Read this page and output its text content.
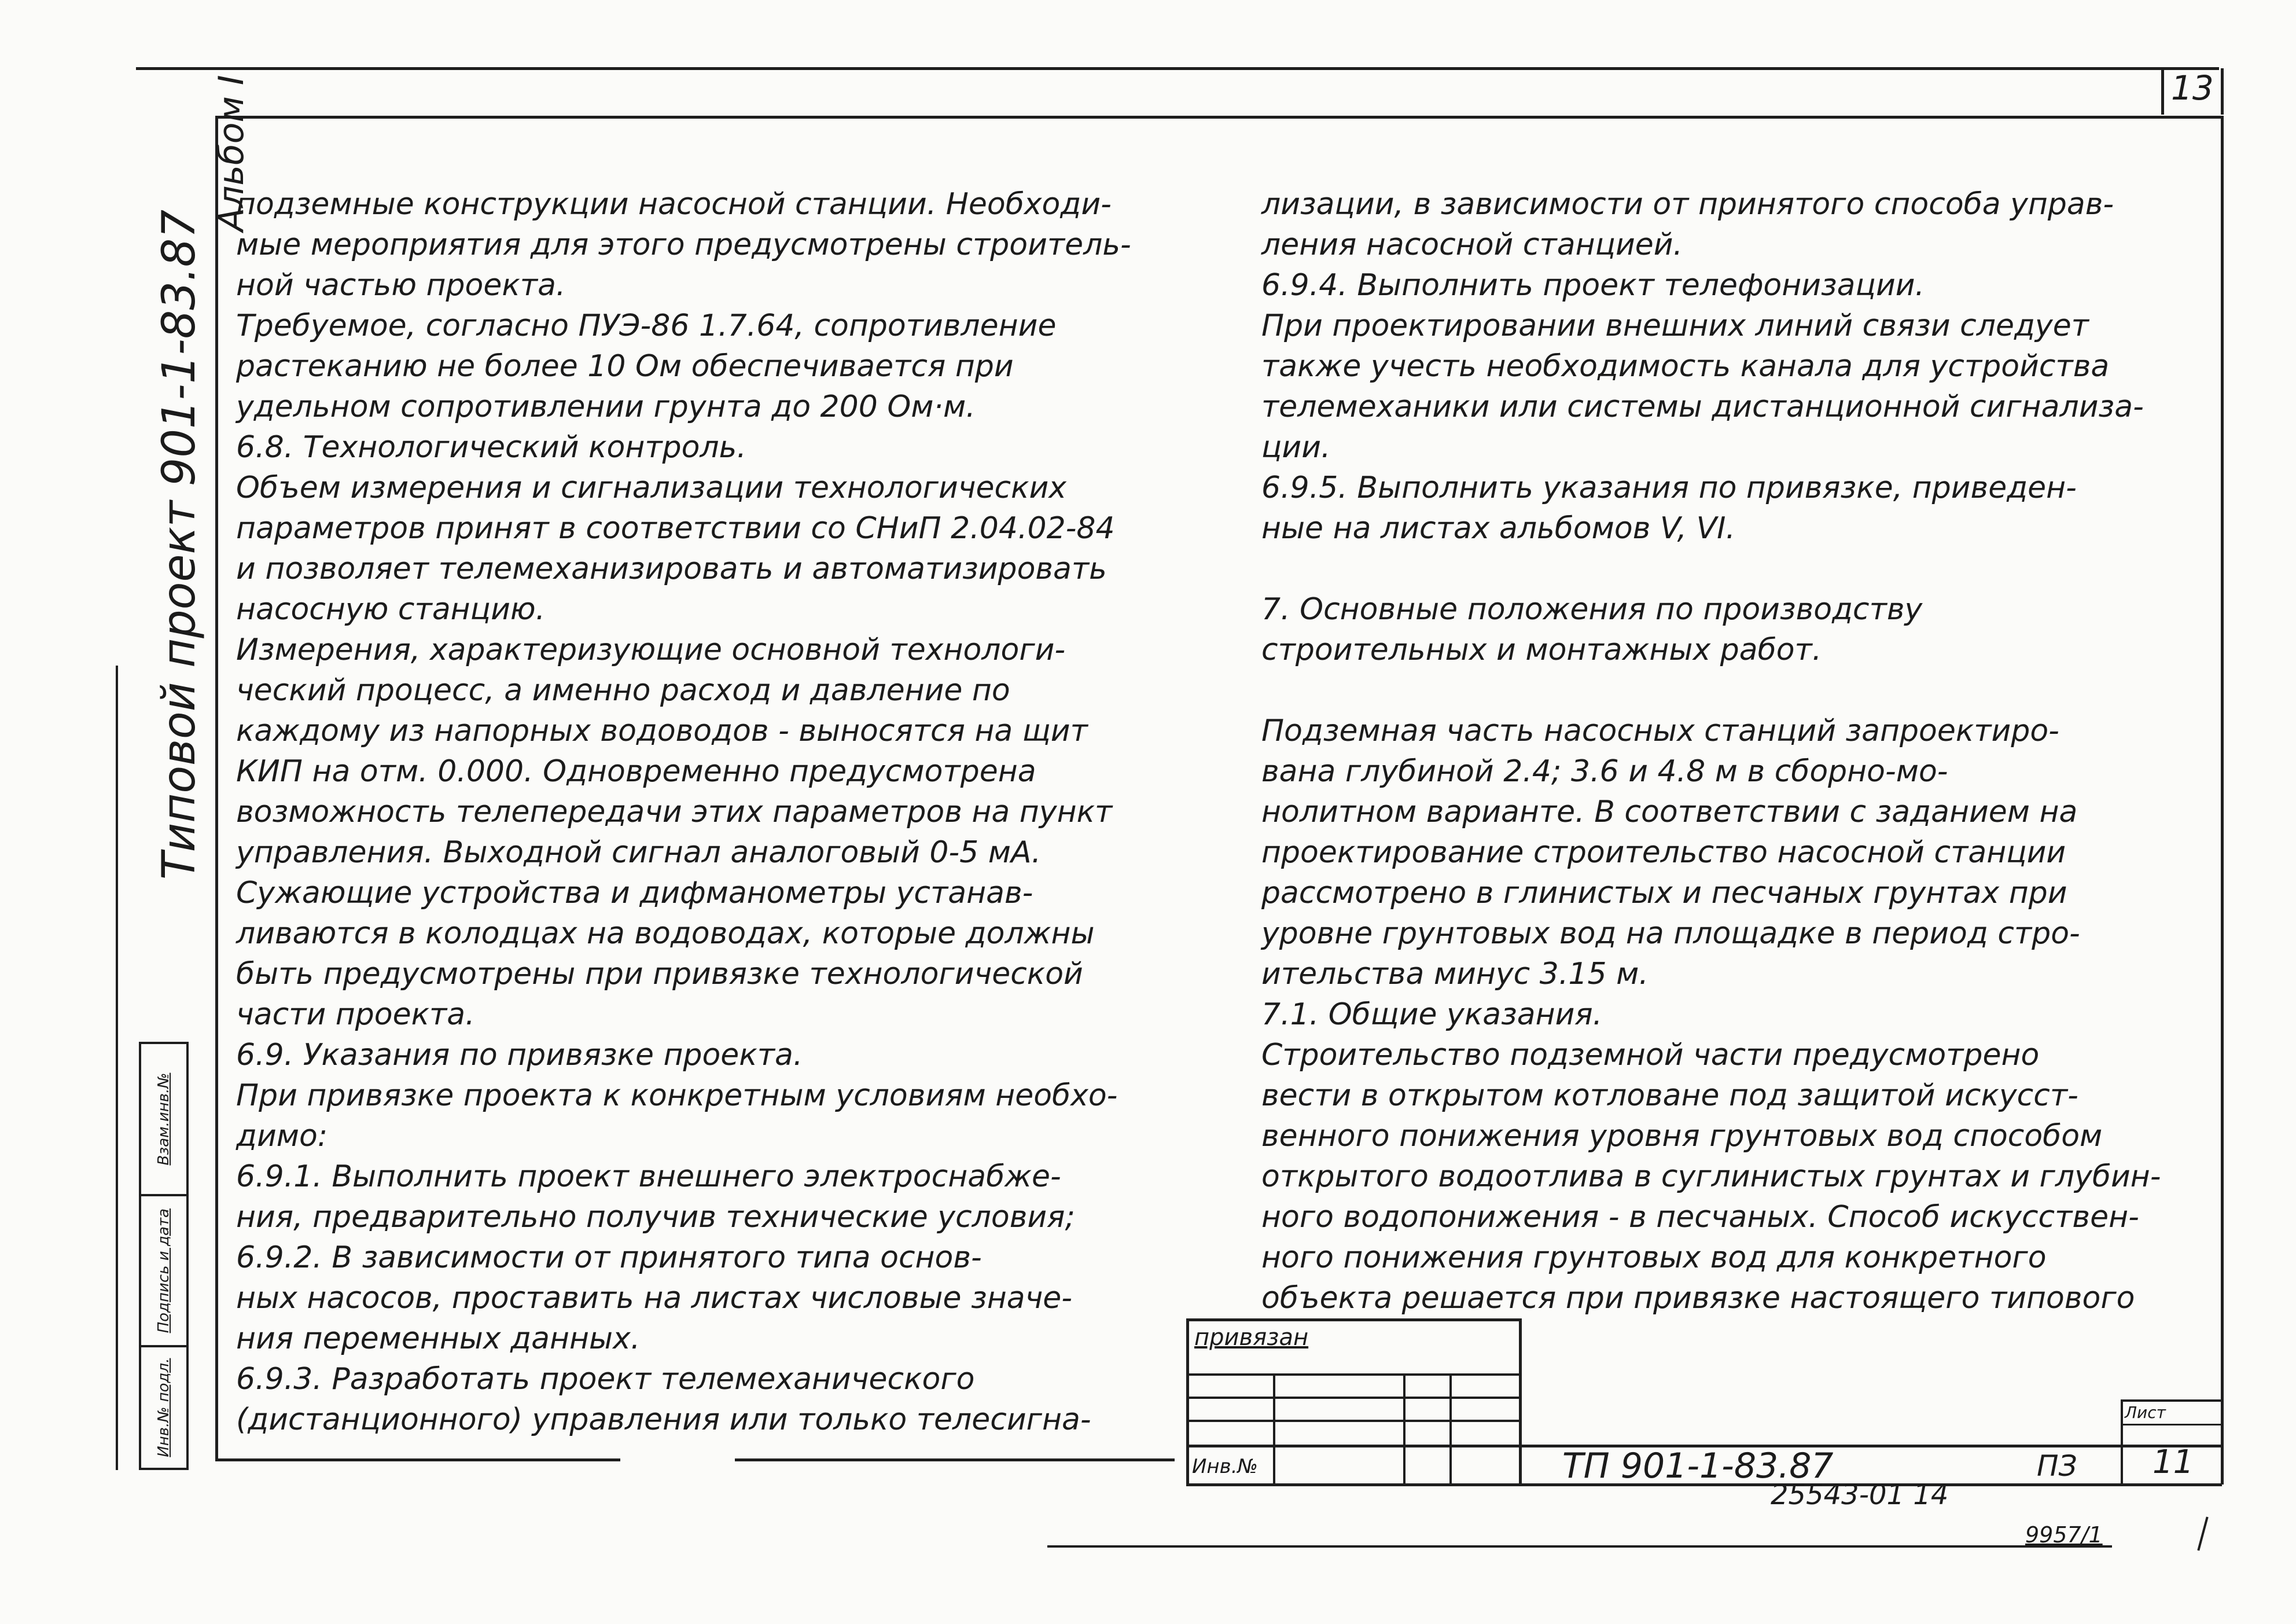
13
Типовой проект 901-1-83.87
Альбом I
Инв.№ подл.
Подпись и дата
Взам.инв.№

подземные конструкции насосной станции. Необходи-

мые мероприятия для этого предусмотрены строитель-

ной частью проекта.

Требуемое, согласно ПУЭ-86 1.7.64, сопротивление

растеканию не более 10 Ом обеспечивается при

удельном сопротивлении грунта до 200 Ом·м.

6.8. Технологический контроль.

Объем измерения и сигнализации технологических

параметров принят в соответствии со СНиП 2.04.02-84

и позволяет телемеханизировать и автоматизировать

насосную станцию.

Измерения, характеризующие основной технологи-

ческий процесс, а именно расход и давление по

каждому из напорных водоводов - выносятся на щит

КИП на отм. 0.000. Одновременно предусмотрена

возможность телепередачи этих параметров на пункт

управления. Выходной сигнал аналоговый 0-5 мА.

Сужающие устройства и дифманометры устанав-

ливаются в колодцах на водоводах, которые должны

быть предусмотрены при привязке технологической

части проекта.

6.9. Указания по привязке проекта.

При привязке проекта к конкретным условиям необхо-

димо:

6.9.1. Выполнить проект внешнего электроснабже-

ния, предварительно получив технические условия;

6.9.2. В зависимости от принятого типа основ-

ных насосов, проставить на листах числовые значе-

ния переменных данных.

6.9.3. Разработать проект телемеханического

(дистанционного) управления или только телесигна-

лизации, в зависимости от принятого способа управ-

ления насосной станцией.

6.9.4. Выполнить проект телефонизации.

При проектировании внешних линий связи следует

также учесть необходимость канала для устройства

телемеханики или системы дистанционной сигнализа-

ции.

6.9.5. Выполнить указания по привязке, приведен-

ные на листах альбомов V, VI.

7. Основные положения по производству

строительных и монтажных работ.

Подземная часть насосных станций запроектиро-

вана глубиной 2.4; 3.6 и 4.8 м в сборно-мо-

нолитном варианте. В соответствии с заданием на

проектирование строительство насосной станции

рассмотрено в глинистых и песчаных грунтах при

уровне грунтовых вод на площадке в период стро-

ительства минус 3.15 м.

7.1. Общие указания.

Строительство подземной части предусмотрено

вести в открытом котловане под защитой искусст-

венного понижения уровня грунтовых вод способом

открытого водоотлива в суглинистых грунтах и глубин-

ного водопонижения - в песчаных. Способ искусствен-

ного понижения грунтовых вод для конкретного

объекта решается при привязке настоящего типового

привязан
Инв.№	ТП 901-1-83.87	ПЗ
Лист
11
25543-01 14
9957/1
